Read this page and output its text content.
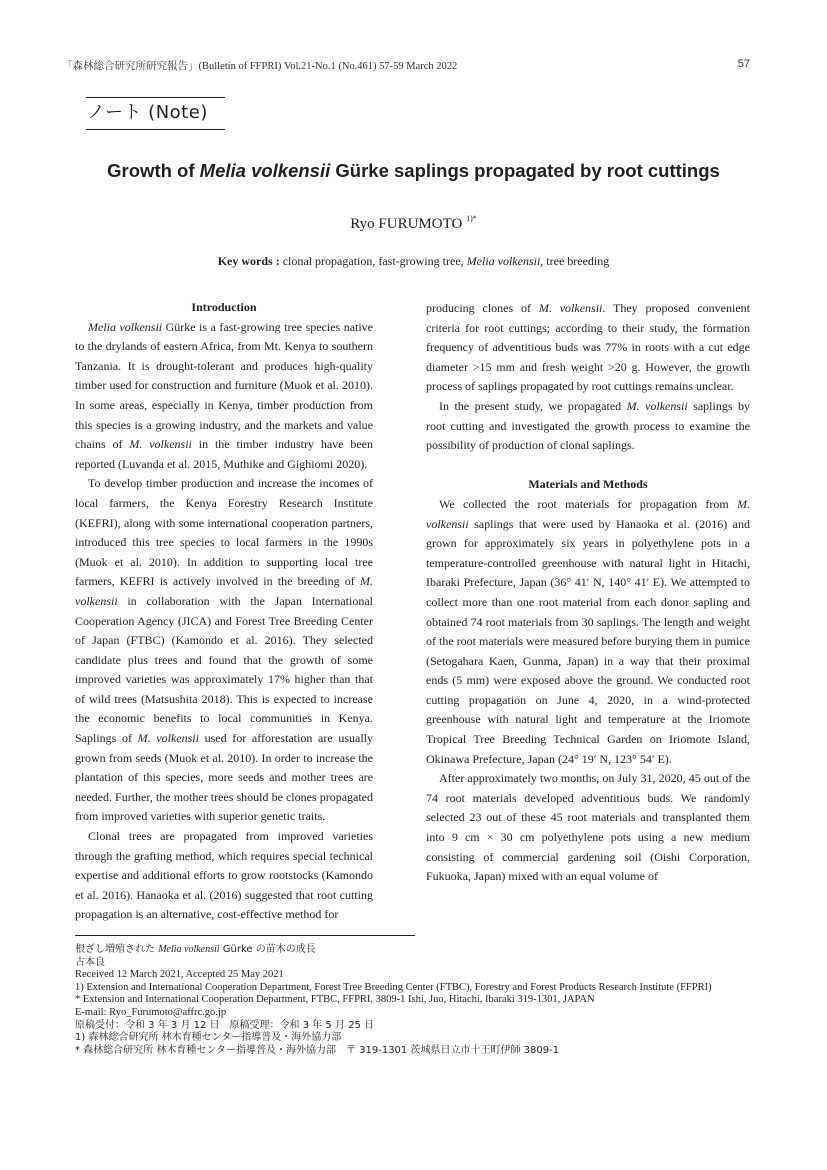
「森林総合研究所研究報告」(Bulletin of FFPRI) Vol.21-No.1 (No.461) 57-59 March 2022	57
ノート (Note)
Growth of Melia volkensii Gürke saplings propagated by root cuttings
Ryo FURUMOTO $^{1)*}$
Key words : clonal propagation, fast-growing tree, Melia volkensii, tree breeding
Introduction

Melia volkensii Gürke is a fast-growing tree species native to the drylands of eastern Africa, from Mt. Kenya to southern Tanzania. It is drought-tolerant and produces high-quality timber used for construction and furniture (Muok et al. 2010). In some areas, especially in Kenya, timber production from this species is a growing industry, and the markets and value chains of M. volkensii in the timber industry have been reported (Luvanda et al. 2015, Muthike and Gighiomi 2020).

To develop timber production and increase the incomes of local farmers, the Kenya Forestry Research Institute (KEFRI), along with some international cooperation partners, introduced this tree species to local farmers in the 1990s (Muok et al. 2010). In addition to supporting local tree farmers, KEFRI is actively involved in the breeding of M. volkensii in collaboration with the Japan International Cooperation Agency (JICA) and Forest Tree Breeding Center of Japan (FTBC) (Kamondo et al. 2016). They selected candidate plus trees and found that the growth of some improved varieties was approximately 17% higher than that of wild trees (Matsushita 2018). This is expected to increase the economic benefits to local communities in Kenya. Saplings of M. volkensii used for afforestation are usually grown from seeds (Muok et al. 2010). In order to increase the plantation of this species, more seeds and mother trees are needed. Further, the mother trees should be clones propagated from improved varieties with superior genetic traits.

Clonal trees are propagated from improved varieties through the grafting method, which requires special technical expertise and additional efforts to grow rootstocks (Kamondo et al. 2016). Hanaoka et al. (2016) suggested that root cutting propagation is an alternative, cost-effective method for

producing clones of M. volkensii. They proposed convenient criteria for root cuttings; according to their study, the formation frequency of adventitious buds was 77% in roots with a cut edge diameter >15 mm and fresh weight >20 g. However, the growth process of saplings propagated by root cuttings remains unclear.

In the present study, we propagated M. volkensii saplings by root cutting and investigated the growth process to examine the possibility of production of clonal saplings.

Materials and Methods

We collected the root materials for propagation from M. volkensii saplings that were used by Hanaoka et al. (2016) and grown for approximately six years in polyethylene pots in a temperature-controlled greenhouse with natural light in Hitachi, Ibaraki Prefecture, Japan (36° 41′ N, 140° 41′ E). We attempted to collect more than one root material from each donor sapling and obtained 74 root materials from 30 saplings. The length and weight of the root materials were measured before burying them in pumice (Setogahara Kaen, Gunma, Japan) in a way that their proximal ends (5 mm) were exposed above the ground. We conducted root cutting propagation on June 4, 2020, in a wind-protected greenhouse with natural light and temperature at the Iriomote Tropical Tree Breeding Technical Garden on Iriomote Island, Okinawa Prefecture, Japan (24° 19′ N, 123° 54′ E).

After approximately two months, on July 31, 2020, 45 out of the 74 root materials developed adventitious buds. We randomly selected 23 out of these 45 root materials and transplanted them into 9 cm × 30 cm polyethylene pots using a new medium consisting of commercial gardening soil (Oishi Corporation, Fukuoka, Japan) mixed with an equal volume of

根ざし増殖された Melia volkensii Gürke の苗木の成長
古本良
Received 12 March 2021, Accepted 25 May 2021
1) Extension and International Cooperation Department, Forest Tree Breeding Center (FTBC), Forestry and Forest Products Research Institute (FFPRI)
* Extension and International Cooperation Department, FTBC, FFPRI, 3809-1 Ishi, Juo, Hitachi, Ibaraki 319-1301, JAPAN
E-mail: Ryo_Furumoto@affrc.go.jp
原稿受付：令和 3 年 3 月 12 日　原稿受理：令和 3 年 5 月 25 日
1) 森林総合研究所 林木育種センター指導普及・海外協力部
* 森林総合研究所 林木育種センター指導普及・海外協力部　〒 319-1301 茨城県日立市十王町伊師 3809-1
